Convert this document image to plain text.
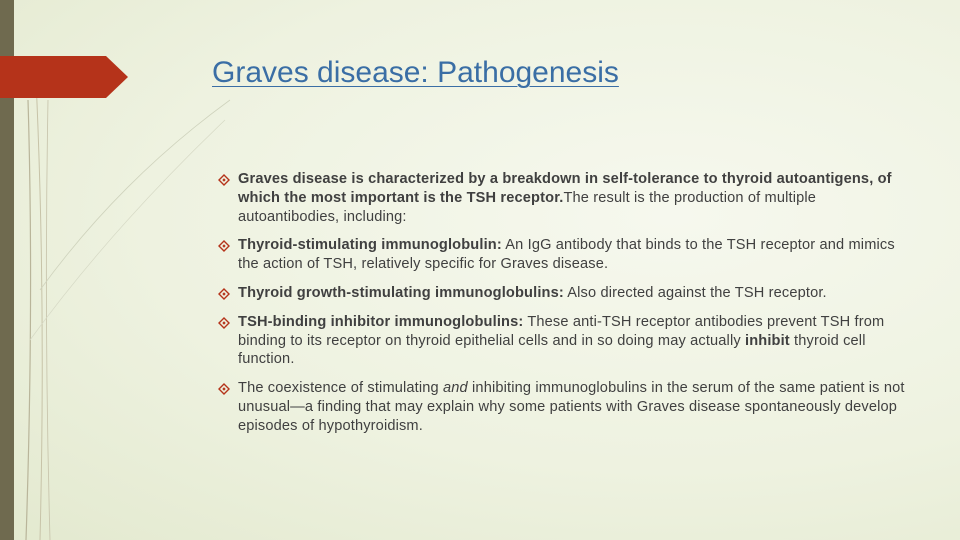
Graves disease: Pathogenesis
Graves disease is characterized by a breakdown in self-tolerance to thyroid autoantigens, of which the most important is the TSH receptor.The result is the production of multiple autoantibodies, including:
Thyroid-stimulating immunoglobulin: An IgG antibody that binds to the TSH receptor and mimics the action of TSH, relatively specific for Graves disease.
Thyroid growth-stimulating immunoglobulins: Also directed against the TSH receptor.
TSH-binding inhibitor immunoglobulins: These anti-TSH receptor antibodies prevent TSH from binding to its receptor on thyroid epithelial cells and in so doing may actually inhibit thyroid cell function.
The coexistence of stimulating and inhibiting immunoglobulins in the serum of the same patient is not unusual—a finding that may explain why some patients with Graves disease spontaneously develop episodes of hypothyroidism.
